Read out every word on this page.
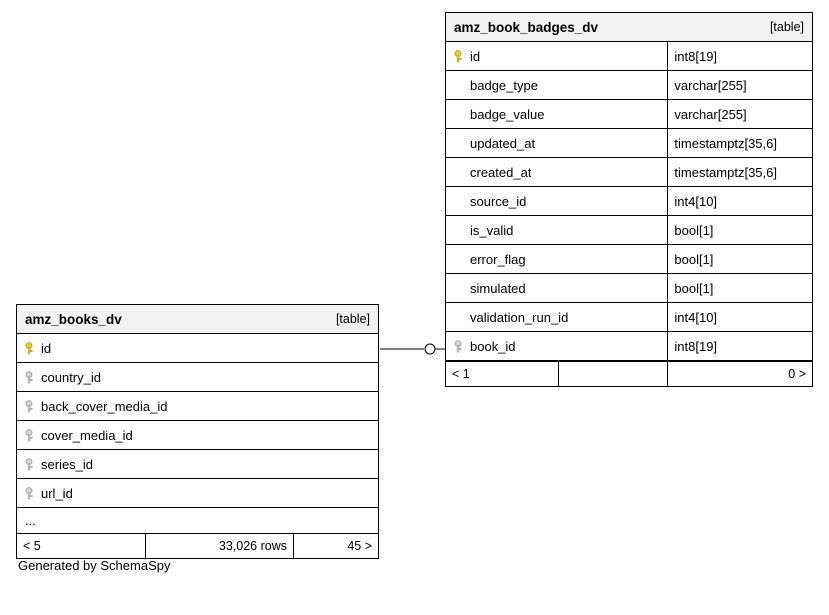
amz_book_badges_dv	[table]
id	int8[19]
badge_type	varchar[255]
badge_value	varchar[255]
updated_at	timestamptz[35,6]
created_at	timestamptz[35,6]
source_id	int4[10]
is_valid	bool[1]
error_flag	bool[1]
simulated	bool[1]
validation_run_id	int4[10]
book_id	int8[19]
< 1	0 >
amz_books_dv	[table]
id
country_id
back_cover_media_id
cover_media_id
series_id
url_id
...
< 5	33,026 rows	45 >
Generated by SchemaSpy
